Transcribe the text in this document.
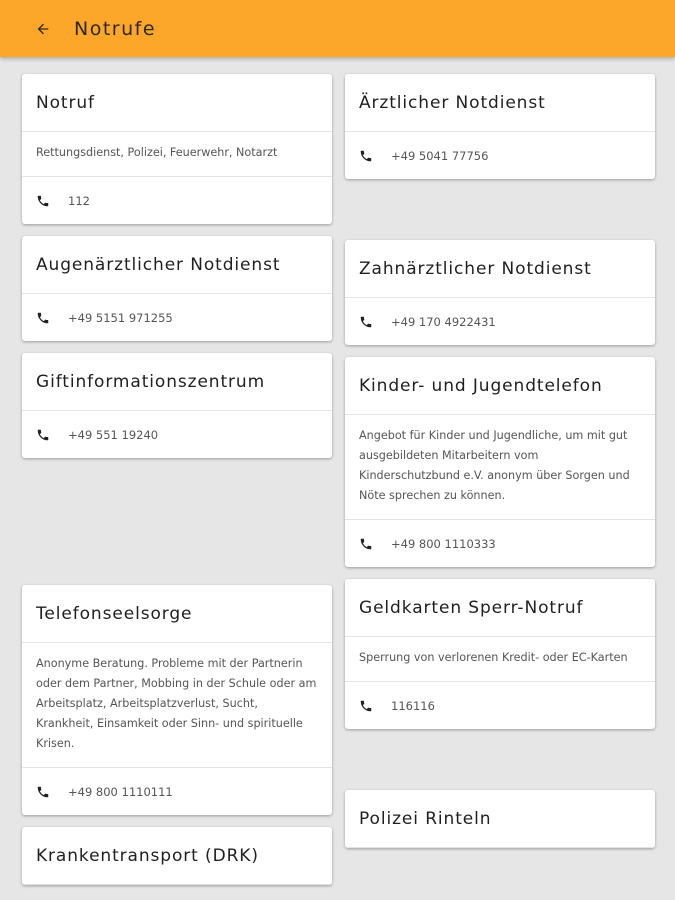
Notrufe
Notruf
Rettungsdienst, Polizei, Feuerwehr, Notarzt
112
Augenärztlicher Notdienst
+49 5151 971255
Giftinformationszentrum
+49 551 19240
Telefonseelsorge
Anonyme Beratung. Probleme mit der Partnerin oder dem Partner, Mobbing in der Schule oder am Arbeitsplatz, Arbeitsplatzverlust, Sucht, Krankheit, Einsamkeit oder Sinn- und spirituelle Krisen.
+49 800 1110111
Krankentransport (DRK)
Ärztlicher Notdienst
+49 5041 77756
Zahnärztlicher Notdienst
+49 170 4922431
Kinder- und Jugendtelefon
Angebot für Kinder und Jugendliche, um mit gut ausgebildeten Mitarbeitern vom Kinderschutzbund e.V. anonym über Sorgen und Nöte sprechen zu können.
+49 800 1110333
Geldkarten Sperr-Notruf
Sperrung von verlorenen Kredit- oder EC-Karten
116116
Polizei Rinteln
